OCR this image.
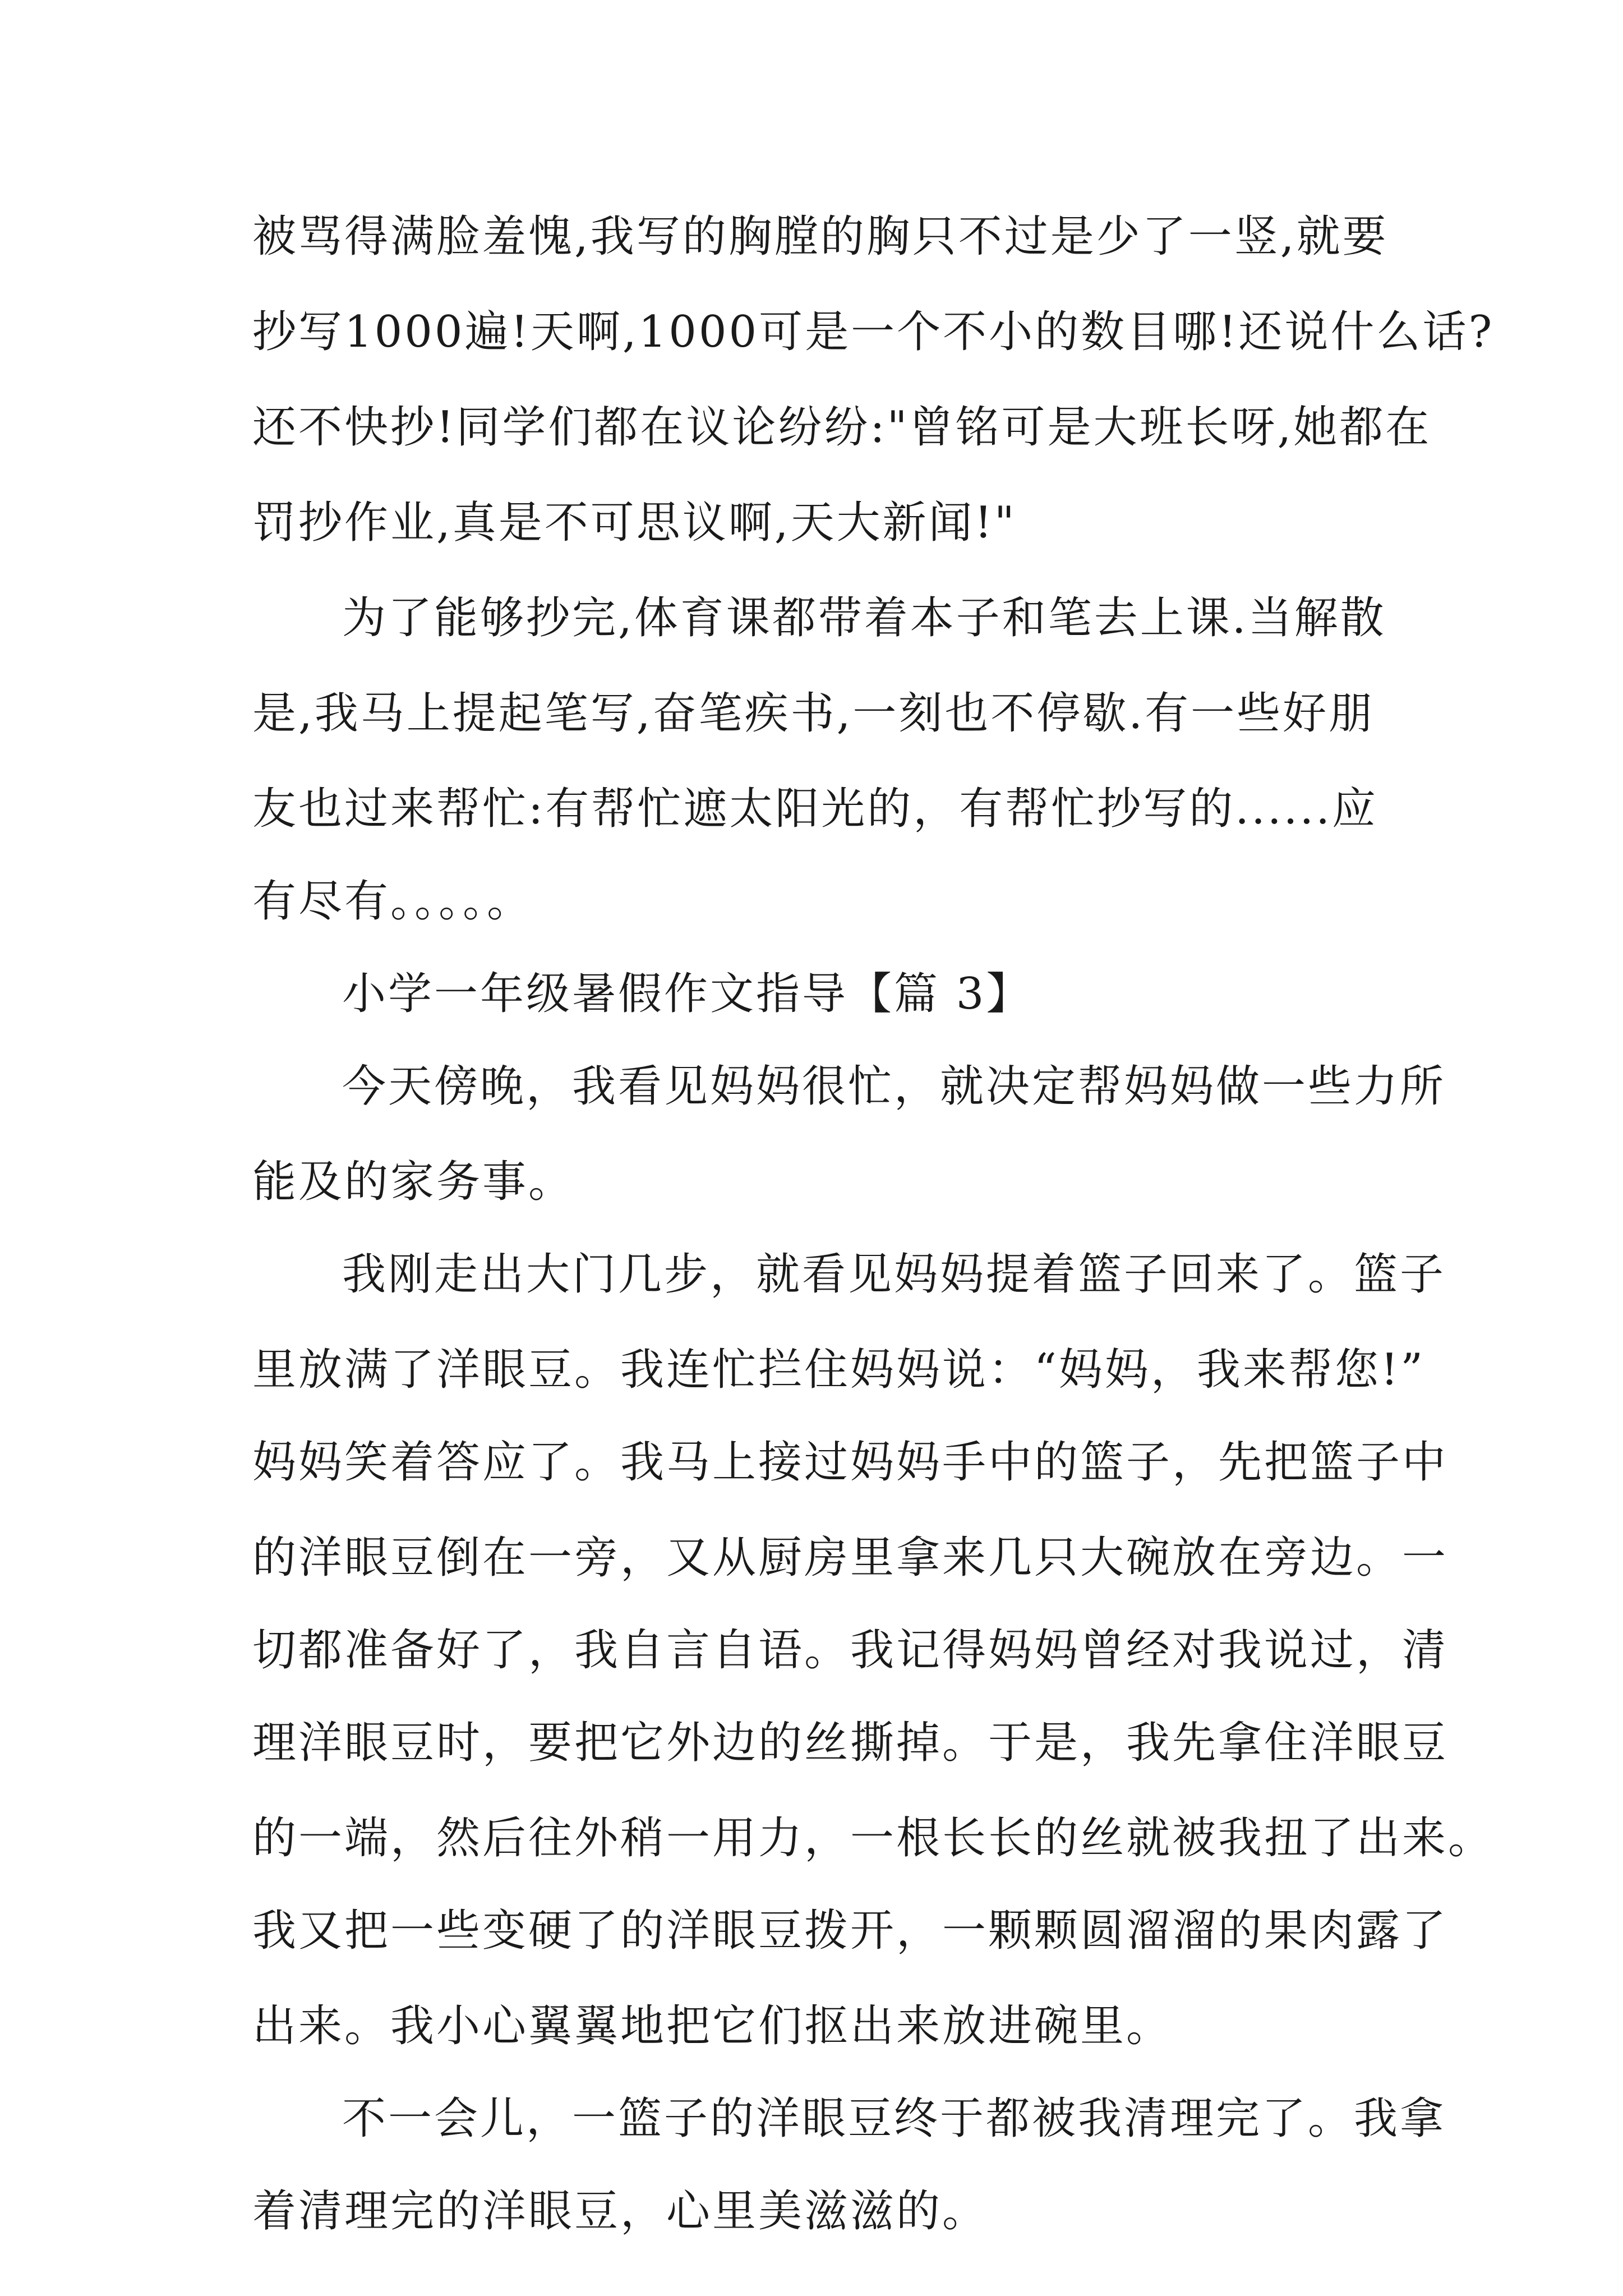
被骂得满脸羞愧,我写的胸膛的胸只不过是少了一竖,就要
抄写1000遍!天啊,1000可是一个不小的数目哪!还说什么话?
还不快抄!同学们都在议论纷纷:"曾铭可是大班长呀,她都在
罚抄作业,真是不可思议啊,天大新闻!"
为了能够抄完,体育课都带着本子和笔去上课.当解散
是,我马上提起笔写,奋笔疾书,一刻也不停歇.有一些好朋
友也过来帮忙:有帮忙遮太阳光的，有帮忙抄写的......应
有尽有。。。。。
小学一年级暑假作文指导【篇 3】
今天傍晚，我看见妈妈很忙，就决定帮妈妈做一些力所
能及的家务事。
我刚走出大门几步，就看见妈妈提着篮子回来了。篮子
里放满了洋眼豆。我连忙拦住妈妈说：“妈妈，我来帮您!”
妈妈笑着答应了。我马上接过妈妈手中的篮子，先把篮子中
的洋眼豆倒在一旁，又从厨房里拿来几只大碗放在旁边。一
切都准备好了，我自言自语。我记得妈妈曾经对我说过，清
理洋眼豆时，要把它外边的丝撕掉。于是，我先拿住洋眼豆
的一端，然后往外稍一用力，一根长长的丝就被我扭了出来。
我又把一些变硬了的洋眼豆拨开，一颗颗圆溜溜的果肉露了
出来。我小心翼翼地把它们抠出来放进碗里。
不一会儿，一篮子的洋眼豆终于都被我清理完了。我拿
着清理完的洋眼豆，心里美滋滋的。
